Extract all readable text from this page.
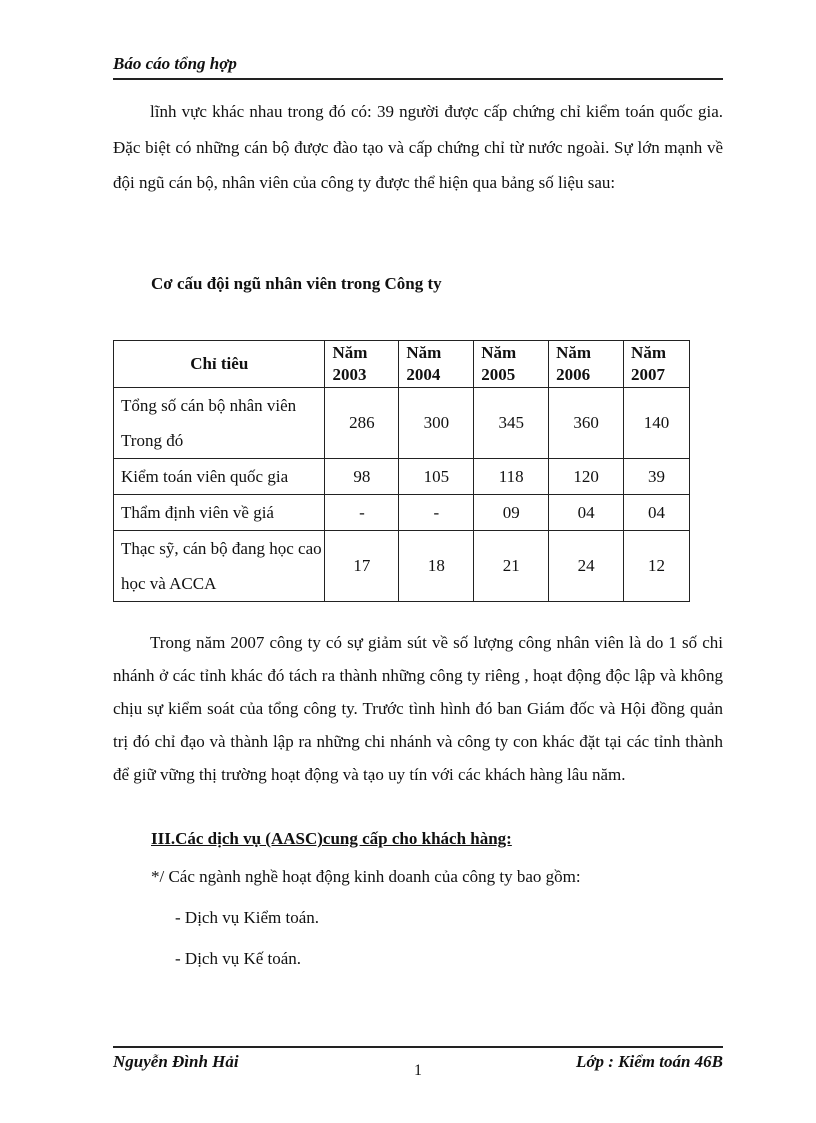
Báo cáo tổng hợp
lĩnh vực khác nhau trong đó có: 39 người được cấp chứng chỉ kiểm toán quốc gia. Đặc biệt có những cán bộ được đào tạo và cấp chứng chỉ từ nước ngoài. Sự lớn mạnh về đội ngũ cán bộ, nhân viên của công ty được thể hiện qua bảng số liệu sau:
Cơ cấu đội ngũ nhân viên trong Công ty
Chỉ tiêu	Năm 2003	Năm 2004	Năm 2005	Năm 2006	Năm 2007
Tổng số cán bộ nhân viên Trong đó	286	300	345	360	140
Kiểm toán viên quốc gia	98	105	118	120	39
Thẩm định viên về giá	-	-	09	04	04
Thạc sỹ, cán bộ đang học cao học và ACCA	17	18	21	24	12
Trong năm 2007 công ty có sự giảm sút về số lượng công nhân viên là do 1 số chi nhánh ở các tỉnh khác đó tách ra thành những công ty riêng , hoạt động độc lập và không chịu sự kiểm soát của tổng công ty. Trước tình hình đó ban Giám đốc và Hội đồng quản trị đó chỉ đạo và thành lập ra những chi nhánh và công ty con khác đặt tại các tỉnh thành để giữ vững thị trường hoạt động và tạo uy tín với các khách hàng lâu năm.
III.Các dịch vụ (AASC)cung cấp cho khách hàng:
*/ Các ngành nghề hoạt động kinh doanh của công ty bao gồm:
- Dịch vụ Kiểm toán.
- Dịch vụ Kế toán.
Nguyễn Đình Hải	1	Lớp : Kiểm toán 46B
